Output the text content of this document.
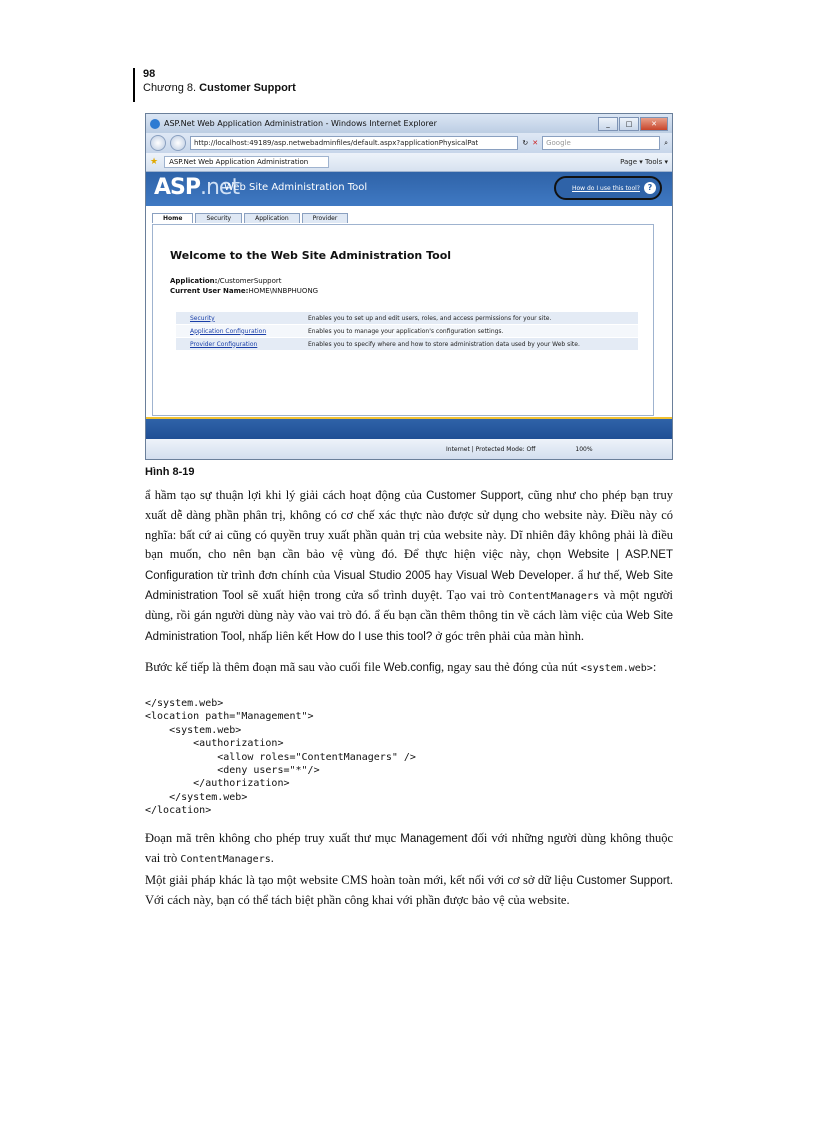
98
Chương 8. Customer Support
ASP.Net Web Application Administration - Windows Internet Explorer	_	□	✕
http://localhost:49189/asp.netwebadminfiles/default.aspx?applicationPhysicalPat	↻ ✕	Google	⌕
★	ASP.Net Web Application Administration	Page ▾ Tools ▾
ASP.net
Web Site Administration Tool	How do I use this tool? ?
Home	Security	Application	Provider
Welcome to the Web Site Administration Tool
Application:/CustomerSupport
Current User Name:HOME\NNBPHUONG
Security	Enables you to set up and edit users, roles, and access permissions for your site.
Application Configuration	Enables you to manage your application's configuration settings.
Provider Configuration	Enables you to specify where and how to store administration data used by your Web site.
Internet | Protected Mode: Off	100%
Hình 8-19
ẩ hầm tạo sự thuận lợi khi lý giải cách hoạt động của Customer Support, cũng như cho phép bạn truy xuất dễ dàng phần phân trị, không có cơ chế xác thực nào được sử dụng cho website này. Điều này có nghĩa: bất cứ ai cũng có quyền truy xuất phần quản trị của website này. Dĩ nhiên đây không phải là điều bạn muốn, cho nên bạn cần bảo vệ vùng đó. Để thực hiện việc này, chọn Website | ASP.NET Configuration từ trình đơn chính của Visual Studio 2005 hay Visual Web Developer. ẩ hư thế, Web Site Administration Tool sẽ xuất hiện trong cửa sổ trình duyệt. Tạo vai trò ContentManagers và một người dùng, rồi gán người dùng này vào vai trò đó. ẩ ếu bạn cần thêm thông tin về cách làm việc của Web Site Administration Tool, nhấp liên kết How do I use this tool? ở góc trên phải của màn hình.
Bước kế tiếp là thêm đoạn mã sau vào cuối file Web.config, ngay sau thẻ đóng của nút <system.web>:
</system.web>
<location path="Management">
<system.web>
<authorization>
<allow roles="ContentManagers" />
<deny users="*"/>
</authorization>
</system.web>
</location>
Đoạn mã trên không cho phép truy xuất thư mục Management đối với những người dùng không thuộc vai trò ContentManagers.
Một giải pháp khác là tạo một website CMS hoàn toàn mới, kết nối với cơ sở dữ liệu Customer Support. Với cách này, bạn có thể tách biệt phần công khai với phần được bảo vệ của website.
